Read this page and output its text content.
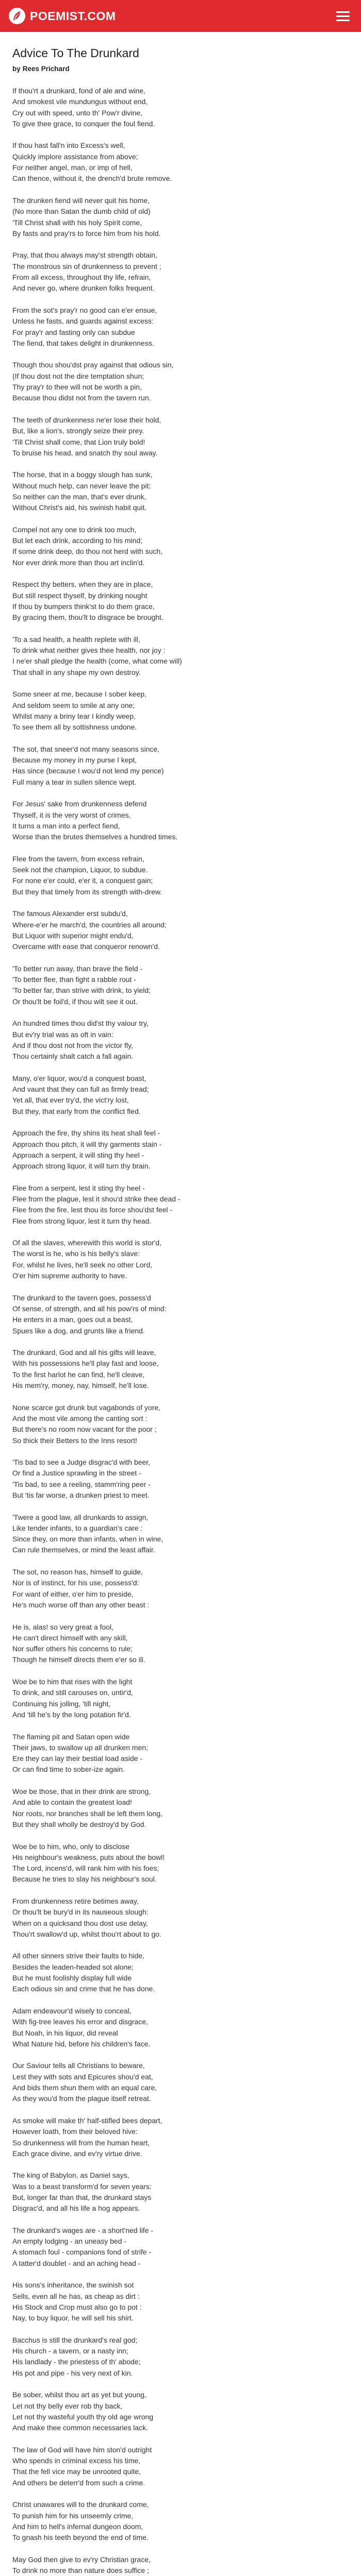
POEMIST.COM
Advice To The Drunkard
by Rees Prichard
If thou'rt a drunkard, fond of ale and wine,
And smokest vile mundungus without end,
Cry out with speed, unto th' Pow'r divine,
To give thee grace, to conquer the foul fiend.
If thou hast fall'n into Excess's well,
Quickly implore assistance from above;
For neither angel, man, or imp of hell,
Can thence, without it, the drench'd brute remove.
The drunken fiend will never quit his home,
(No more than Satan the dumb child of old)
'Till Christ shall with his holy Spirit come,
By fasts and pray'rs to force him from his hold.
Pray, that thou always may'st strength obtain,
The monstrous sin of drunkenness to prevent ;
From all excess, throughout thy life, refrain,
And never go, where drunken folks frequent.
From the sot's pray'r no good can e'er ensue,
Unless he fasts, and guards against excess:
For pray'r and fasting only can subdue
The fiend, that takes delight in drunkenness.
Though thou shou'dst pray against that odious sin,
(If thou dost not the dire temptation shun;
Thy pray'r to thee will not be worth a pin,
Because thou didst not from the tavern run.
The teeth of drunkenness ne'er lose their hold,
But, like a lion's, strongly seize their prey.
'Till Christ shall come, that Lion truly bold!
To bruise his head, and snatch thy soul away.
The horse, that in a boggy slough has sunk,
Without much help, can never leave the pit:
So neither can the man, that's ever drunk,
Without Christ's aid, his swinish habit quit.
Compel not any one to drink too much,
But let each drink, according to his mind;
If some drink deep, do thou not herd with such,
Nor ever drink more than thou art inclin'd.
Respect thy betters, when they are in place,
But still respect thyself, by drinking nought
If thou by bumpers think'st to do them grace,
By gracing them, thou'lt to disgrace be brought.
'To a sad health, a health replete with ill,
To drink what neither gives thee health, nor joy :
I ne'er shall pledge the health (come, what come will)
That shall in any shape my own destroy.
Some sneer at me, because I sober keep,
And seldom seem to smile at any one;
Whilst many a briny tear I kindly weep,
To see them all by sottishness undone.
The sot, that sneer'd not many seasons since,
Because my money in my purse I kept,
Has since (because I wou'd not lend my pence)
Full many a tear in sullen silence wept.
For Jesus' sake from drunkenness defend
Thyself, it is the very worst of crimes,
It turns a man into a perfect fiend,
Worse than the brutes themselves a hundred times.
Flee from the tavern, from excess refrain,
Seek not the champion, Liquor, to subdue.
For none e'er could, e'er it, a conquest gain;
But they that timely from its strength with-drew.
The famous Alexander erst subdu'd,
Where-e'er he march'd, the countries all around;
But Liquor with superior might endu'd,
Overcame with ease that conqueror renown'd.
'To better run away, than brave the field -
'To better flee, than fight a rabble rout -
'To better far, than strive with drink, to yield;
Or thou'lt be foil'd, if thou wilt see it out.
An hundred times thou did'st thy valour try,
But ev'ry trial was as oft in vain:
And if thou dost not from the victor fly,
Thou certainly shalt catch a fall again.
Many, o'er liquor, wou'd a conquest boast,
And vaunt that they can full as firmly tread;
Yet all, that ever try'd, the vict'ry lost,
But they, that early from the conflict fled.
Approach the fire, thy shins its heat shall feel -
Approach thou pitch, it will thy garments stain -
Approach a serpent, it will sting thy heel -
Approach strong liquor, it will turn thy brain.
Flee from a serpent, lest it sting thy heel -
Flee from the plague, lest it shou'd strike thee dead -
Flee from the fire, lest thou its force shou'dst feel -
Flee from strong liquor, lest it turn thy head.
Of all the slaves, wherewith this world is stor'd,
The worst is he, who is his belly's slave:
For, whilst he lives, he'll seek no other Lord,
O'er him supreme authority to have.
The drunkard to the tavern goes, possess'd
Of sense, of strength, and all his pow'rs of mind:
He enters in a man, goes out a beast,
Spues like a dog, and grunts like a friend.
The drunkard, God and all his gifts will leave,
With his possessions he'll play fast and loose,
To the first harlot he can find, he'll cleave,
His mem'ry, money, nay, himself, he'll lose.
None scarce got drunk but vagabonds of yore,
And the most vile among the canting sort :
But there's no room now vacant for the poor ;
So thick their Betters to the Inns resort!
'Tis bad to see a Judge disgrac'd with beer,
Or find a Justice sprawling in the street -
'Tis bad, to see a reeling, stamm'ring peer -
But 'tis far worse, a drunken priest to meet.
'Twere a good law, all drunkards to assign,
Like tender infants, to a guardian's care :
Since they, on more than infants, when in wine,
Can rule themselves, or mind the least affair.
The sot, no reason has, himself to guide,
Nor is of instinct, for his use, possess'd:
For want of either, o'er him to preside,
He's much worse off than any other beast :
He is, alas! so very great a fool,
He can't direct himself with any skill,
Nor suffer others his concerns to rule;
Though he himself directs them e'er so ill.
Woe be to him that rises with the light
To drink, and still carouses on, untir'd,
Continuing his jolling, 'till night,
And 'till he's by the long potation fir'd.
The flaming pit and Satan open wide
Their jaws, to swallow up all drunken men;
Ere they can lay their bestial load aside -
Or can find time to sober-ize again.
Woe be those, that in their drink are strong,
And able to contain the greatest load!
Nor roots, nor branches shall be left them long,
But they shall wholly be destroy'd by God.
Woe be to him, who, only to disclose
His neighbour's weakness, puts about the bowl!
The Lord, incens'd, will rank him with his foes;
Because he tries to slay his neighbour's soul.
From drunkenness retire betimes away,
Or thou'lt be bury'd in its nauseous slough:
When on a quicksand thou dost use delay,
Thou'rt swallow'd up, whilst thou'rt about to go.
All other sinners strive their faults to hide,
Besides the leaden-headed sot alone;
But he must foolishly display full wide
Each odious sin and crime that he has done.
Adam endeavour'd wisely to conceal,
With fig-tree leaves his error and disgrace,
But Noah, in his liquor, did reveal
What Nature hid, before his children's face.
Our Saviour tells all Christians to beware,
Lest they with sots and Epicures shou'd eat,
And bids them shun them with an equal care,
As they wou'd from the plague itself retreat.
As smoke will make th' half-stifled bees depart,
However loath, from their beloved hive:
So drunkenness will from the human heart,
Each grace divine, and ev'ry virtue drive.
The king of Babylon, as Daniel says,
Was to a beast transform'd for seven years:
But, longer far than that, the drunkard stays
Disgrac'd, and all his life a hog appears.
The drunkard's wages are - a short'ned life -
An empty lodging - an uneasy bed -
A stomach foul - companions fond of strife -
A tatter'd doublet - and an aching head -
His sons's inheritance, the swinish sot
Sells, even all he has, as cheap as dirt :
His Stock and Crop must also go to pot :
Nay, to buy liquor, he will sell his shirt.
Bacchus is still the drunkard's real god;
His church - a tavern, or a nasty inn;
His landlady - the priestess of th' abode;
His pot and pipe - his very next of kin.
Be sober, whilst thou art as yet but young,
Let not thy belly ever rob thy back,
Let not thy wasteful youth thy old age wrong
And make thee common necessaries lack.
The law of God will have him ston'd outright
Who spends in criminal excess his time,
That the fell vice may be unrooted quite,
And others be deterr'd from such a crime.
Christ unawares will to the drunkard come,
To punish him for his unseemly crime,
And him to hell's infernal dungeon doom,
To gnash his teeth beyond the end of time.
May God then give to ev'ry Christian grace,
To drink no more than nature does suffice ;
